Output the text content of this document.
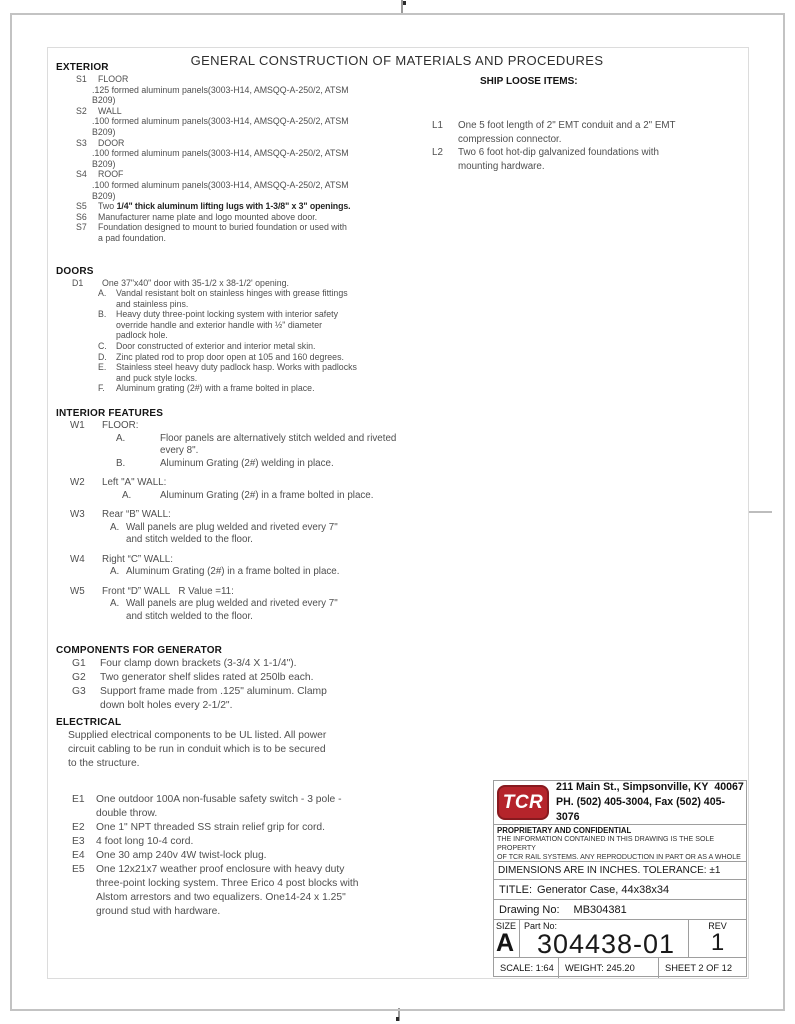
GENERAL CONSTRUCTION OF MATERIALS AND PROCEDURES
EXTERIOR
S1	FLOOR
.125 formed aluminum panels(3003-H14, AMSQQ-A-250/2, ATSM
B209)
S2	WALL
.100 formed aluminum panels(3003-H14, AMSQQ-A-250/2, ATSM
B209)
S3	DOOR
.100 formed aluminum panels(3003-H14, AMSQQ-A-250/2, ATSM
B209)
S4	ROOF
.100 formed aluminum panels(3003-H14, AMSQQ-A-250/2, ATSM
B209)
S5	Two 1/4" thick aluminum lifting lugs with 1-3/8" x 3" openings.
S6	Manufacturer name plate and logo mounted above door.
S7	Foundation designed to mount to buried foundation or used with
a pad foundation.
DOORS
D1	One 37"x40" door with 35-1/2 x 38-1/2' opening.
A.	Vandal resistant bolt on stainless hinges with grease fittings
and stainless pins.
B.	Heavy duty three-point locking system with interior safety
override handle and exterior handle with ½" diameter
padlock hole.
C.	Door constructed of exterior and interior metal skin.
D.	Zinc plated rod to prop door open at 105 and 160 degrees.
E.	Stainless steel heavy duty padlock hasp. Works with padlocks
and puck style locks.
F.	Aluminum grating (2#) with a frame bolted in place.
INTERIOR FEATURES
W1	FLOOR:
A.	Floor panels are alternatively stitch welded and riveted
every 8".
B.	Aluminum Grating (2#) welding in place.
W2	Left "A" WALL:
A.	Aluminum Grating (2#) in a frame bolted in place.
W3	Rear “B” WALL:
A. Wall panels are plug welded and riveted every 7"
and stitch welded to the floor.
W4	Right “C” WALL:
A. Aluminum Grating (2#) in a frame bolted in place.
W5	Front “D” WALL   R Value =11:
A. Wall panels are plug welded and riveted every 7"
and stitch welded to the floor.
COMPONENTS FOR GENERATOR
G1	Four clamp down brackets (3-3/4 X 1-1/4").
G2	Two generator shelf slides rated at 250lb each.
G3	Support frame made from .125" aluminum. Clamp
down bolt holes every 2-1/2".
ELECTRICAL
Supplied electrical components to be UL listed. All power
circuit cabling to be run in conduit which is to be secured
to the structure.
E1	One outdoor 100A non-fusable safety switch - 3 pole -
double throw.
E2	One 1" NPT threaded SS strain relief grip for cord.
E3	4 foot long 10-4 cord.
E4	One 30 amp 240v 4W twist-lock plug.
E5	One 12x21x7 weather proof enclosure with heavy duty
three-point locking system. Three Erico 4 post blocks with
Alstom arrestors and two equalizers. One14-24 x 1.25"
ground stud with hardware.
SHIP LOOSE ITEMS:
L1	One 5 foot length of 2" EMT conduit and a 2" EMT
compression connector.
L2	Two 6 foot hot-dip galvanized foundations with
mounting hardware.
TCR
211 Main St., Simpsonville, KY  40067
PH. (502) 405-3004, Fax (502) 405-3076
PROPRIETARY AND CONFIDENTIAL
THE INFORMATION CONTAINED IN THIS DRAWING IS THE SOLE PROPERTY
OF TCR RAIL SYSTEMS. ANY REPRODUCTION IN PART OR AS A WHOLE

DIMENSIONS ARE IN INCHES. TOLERANCE: ±1
TITLE: Generator Case, 44x38x34
Drawing No: MB304381
SIZE
A
Part No:
304438-01
REV
1
SCALE: 1:64	WEIGHT: 245.20	SHEET 2 OF 12
